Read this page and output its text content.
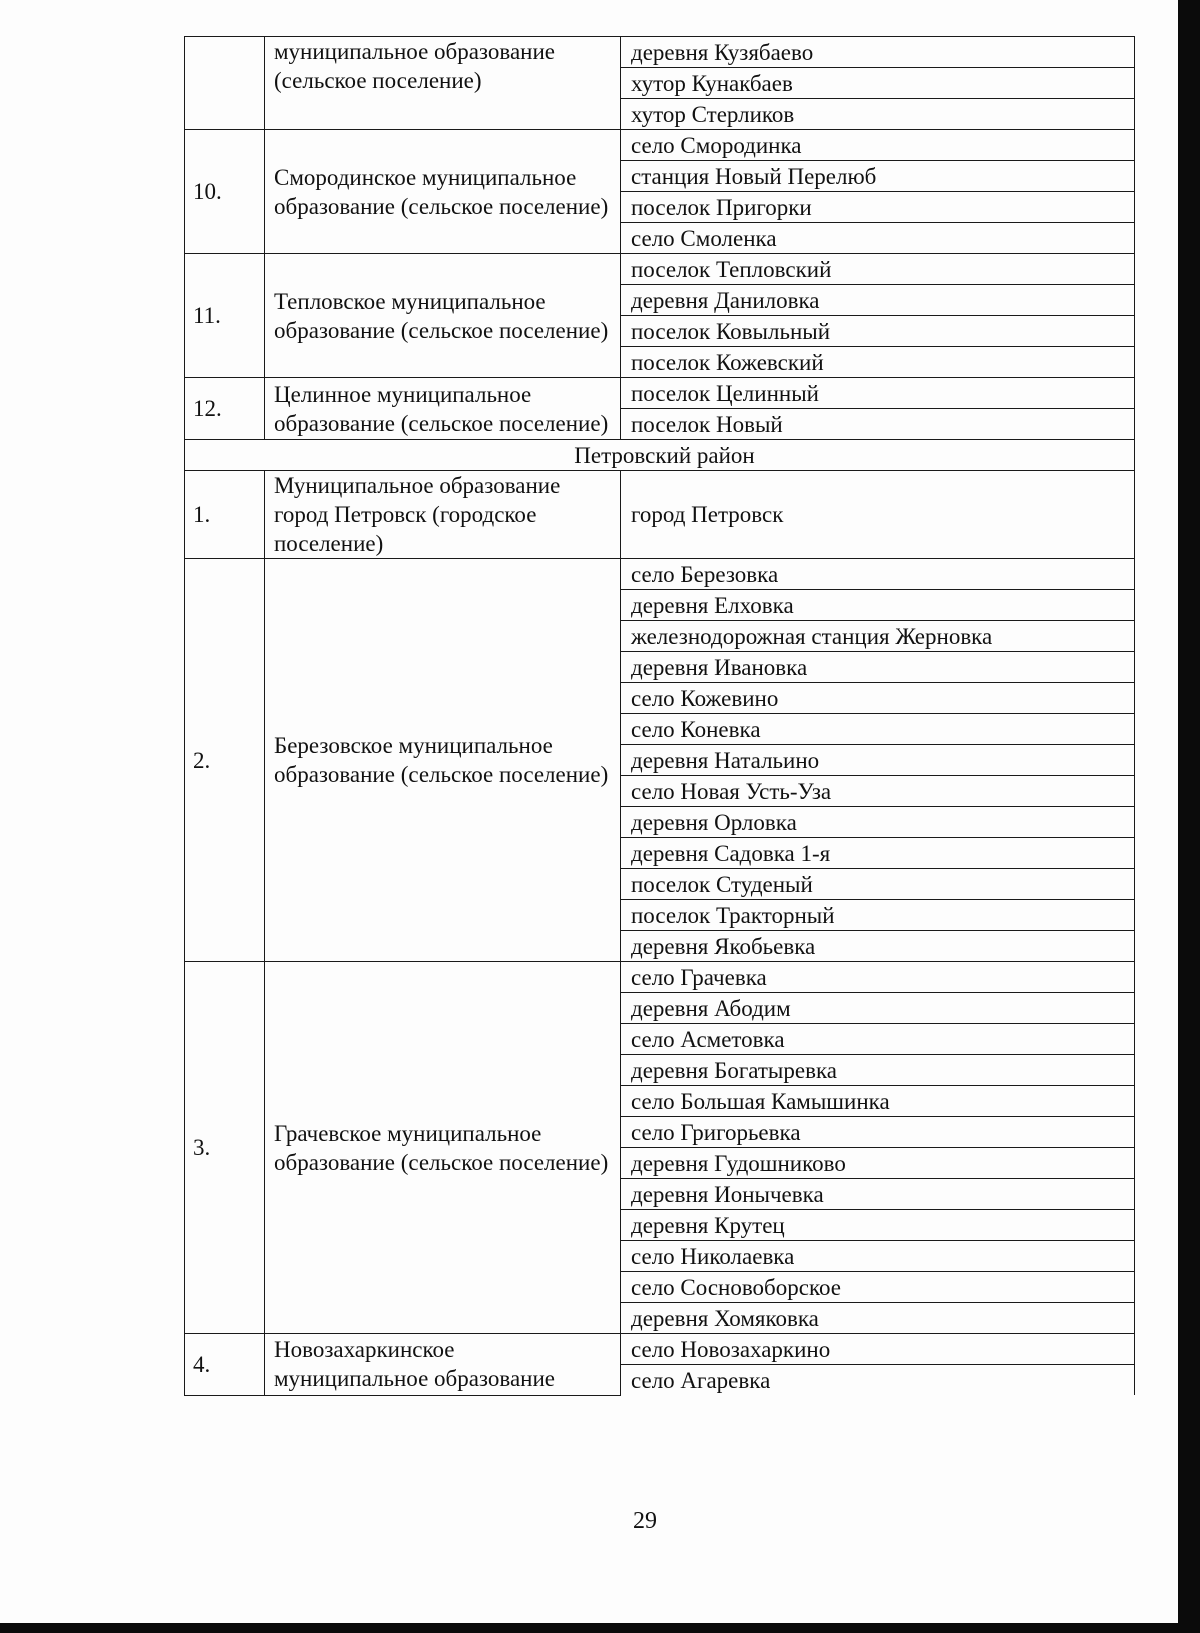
	муниципальное образование (сельское поселение)	деревня Кузябаево
		хутор Кунакбаев
		хутор Стерликов
10.	Смородинское муниципальное образование (сельское поселение)	село Смородинка
		станция Новый Перелюб
		поселок Пригорки
		село Смоленка
11.	Тепловское муниципальное образование (сельское поселение)	поселок Тепловский
		деревня Даниловка
		поселок Ковыльный
		поселок Кожевский
12.	Целинное муниципальное образование (сельское поселение)	поселок Целинный
		поселок Новый
Петровский район		
1.	Муниципальное образование город Петровск (городское поселение)	город Петровск
2.	Березовское муниципальное образование (сельское поселение)	село Березовка
		деревня Елховка
		железнодорожная станция Жерновка
		деревня Ивановка
		село Кожевино
		село Коневка
		деревня Натальино
		село Новая Усть-Уза
		деревня Орловка
		деревня Садовка 1-я
		поселок Студеный
		поселок Тракторный
		деревня Якобьевка
3.	Грачевское муниципальное образование (сельское поселение)	село Грачевка
		деревня Абодим
		село Асметовка
		деревня Богатыревка
		село Большая Камышинка
		село Григорьевка
		деревня Гудошниково
		деревня Ионычевка
		деревня Крутец
		село Николаевка
		село Сосновоборское
		деревня Хомяковка
4.	Новозахаркинское муниципальное образование	село Новозахаркино
		село Агаревка
29
